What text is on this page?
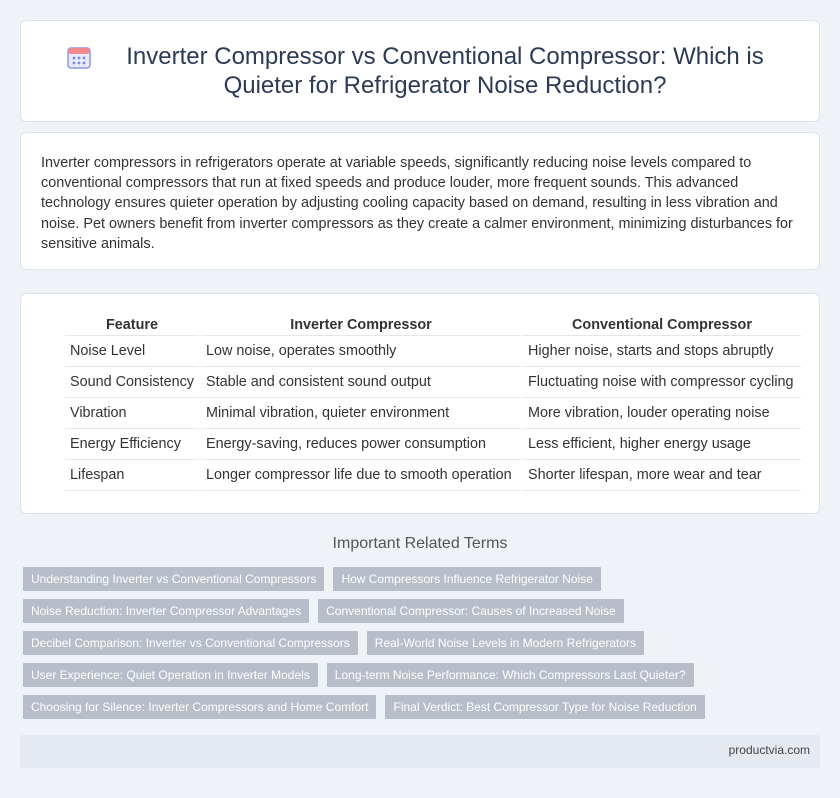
Inverter Compressor vs Conventional Compressor: Which is Quieter for Refrigerator Noise Reduction?

Inverter compressors in refrigerators operate at variable speeds, significantly reducing noise levels compared to conventional compressors that run at fixed speeds and produce louder, more frequent sounds. This advanced technology ensures quieter operation by adjusting cooling capacity based on demand, resulting in less vibration and noise. Pet owners benefit from inverter compressors as they create a calmer environment, minimizing disturbances for sensitive animals.

Feature	Inverter Compressor	Conventional Compressor
Noise Level	Low noise, operates smoothly	Higher noise, starts and stops abruptly
Sound Consistency	Stable and consistent sound output	Fluctuating noise with compressor cycling
Vibration	Minimal vibration, quieter environment	More vibration, louder operating noise
Energy Efficiency	Energy-saving, reduces power consumption	Less efficient, higher energy usage
Lifespan	Longer compressor life due to smooth operation	Shorter lifespan, more wear and tear
Important Related Terms
Understanding Inverter vs Conventional Compressors	How Compressors Influence Refrigerator Noise
Noise Reduction: Inverter Compressor Advantages	Conventional Compressor: Causes of Increased Noise
Decibel Comparison: Inverter vs Conventional Compressors	Real-World Noise Levels in Modern Refrigerators
User Experience: Quiet Operation in Inverter Models	Long-term Noise Performance: Which Compressors Last Quieter?
Choosing for Silence: Inverter Compressors and Home Comfort	Final Verdict: Best Compressor Type for Noise Reduction
productvia.com
